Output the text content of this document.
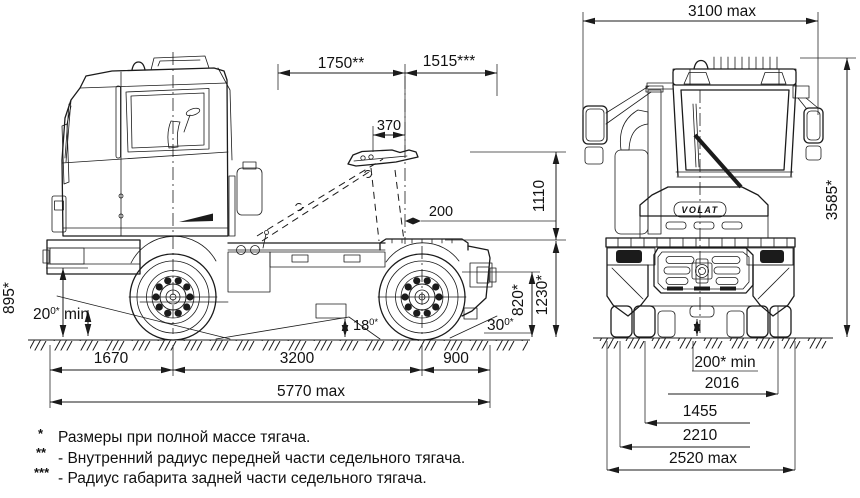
1750**	1515***
370
1110
200
1230*
820*
895*
$20^{0*}$ min
$18^{0*}$	$30^{0*}$
1670	3200	900
5770 max
VOLAT
3100 max
3585*
200* min
2016
1455
2210
2520 max
* Размеры при полной массе тягача.
** - Внутренний радиус передней части седельного тягача.
*** - Радиус габарита задней части седельного тягача.
